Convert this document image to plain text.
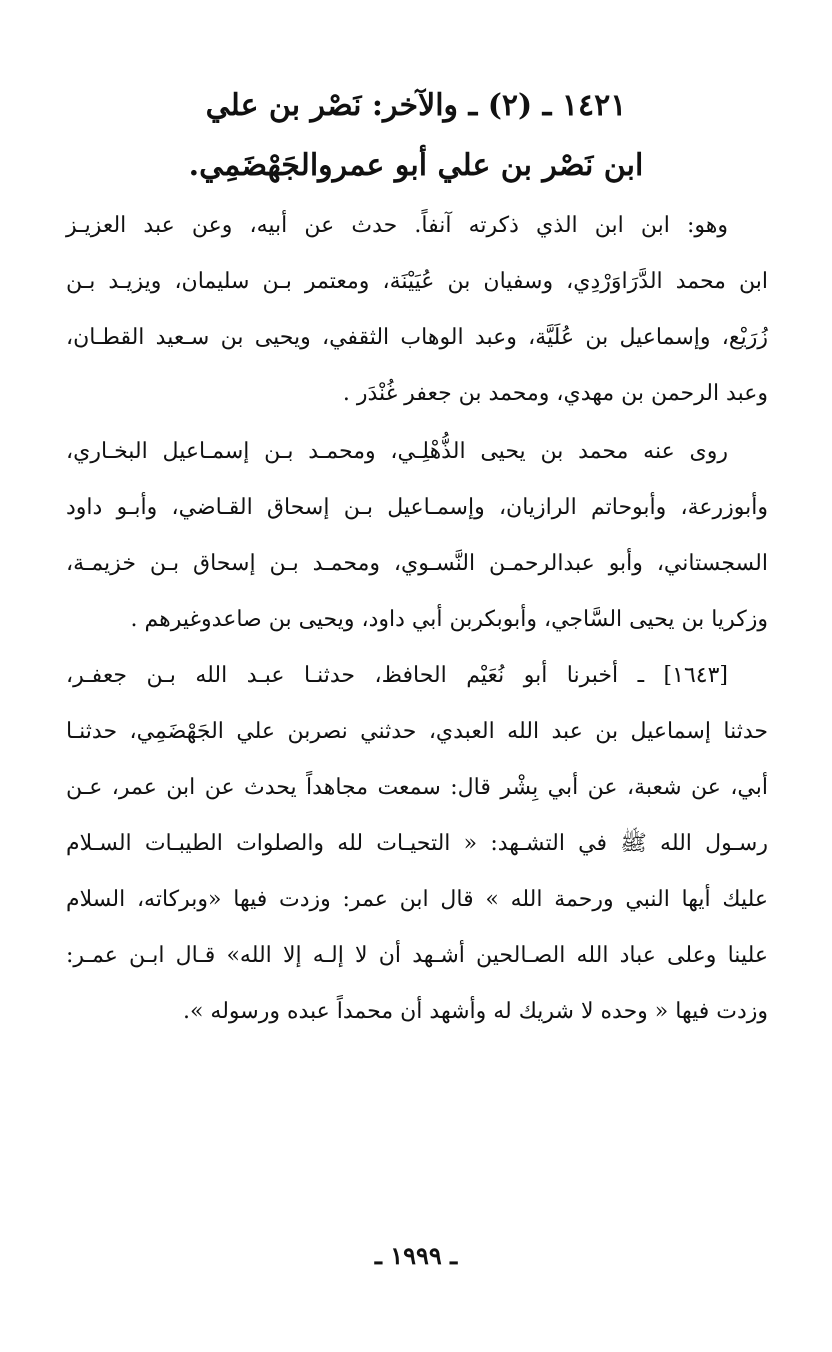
١٤٢١ ـ (٢) ـ والآخر: نَصْر بن علي
ابن نَصْر بن علي أبو عمروالجَهْضَمِي.
وهو: ابن ابن الذي ذكرته آنفاً. حدث عن أبيه، وعن عبد العزيـز
ابن محمد الدَّرَاوَرْدِي، وسفيان بن عُيَيْنَة، ومعتمر بـن سليمان، ويزيـد بـن
زُرَيْع، وإسماعيل بن عُلَيَّة، وعبد الوهاب الثقفي، ويحيى بن سـعيد القطـان،
وعبد الرحمن بن مهدي، ومحمد بن جعفر غُنْدَر .
روى عنه محمد بن يحيى الذُّهْلِـي، ومحمـد بـن إسمـاعيل البخـاري،
وأبوزرعة، وأبوحاتم الرازيان، وإسمـاعيل بـن إسحاق القـاضي، وأبـو داود
السجستاني، وأبو عبدالرحمـن النَّسـوي، ومحمـد بـن إسحاق بـن خزيمـة،
وزكريا بن يحيى السَّاجي، وأبوبكربن أبي داود، ويحيى بن صاعدوغيرهم .
[١٦٤٣] ـ أخبرنا أبو نُعَيْم الحافظ، حدثنـا عبـد الله بـن جعفـر،
حدثنا إسماعيل بن عبد الله العبدي، حدثني نصربن علي الجَهْضَمِي، حدثنـا
أبي، عن شعبة، عن أبي بِشْر قال: سمعت مجاهداً يحدث عن ابن عمر، عـن
رسـول الله ﷺ في التشـهد: « التحيـات لله والصلوات الطيبـات السـلام
عليك أيها النبي ورحمة الله » قال ابن عمر: وزدت فيها «وبركاته، السلام
علينا وعلى عباد الله الصـالحين أشـهد أن لا إلـه إلا الله» قـال ابـن عمـر:
وزدت فيها « وحده لا شريك له وأشهد أن محمداً عبده ورسوله ».
ـ ١٩٩٩ ـ
